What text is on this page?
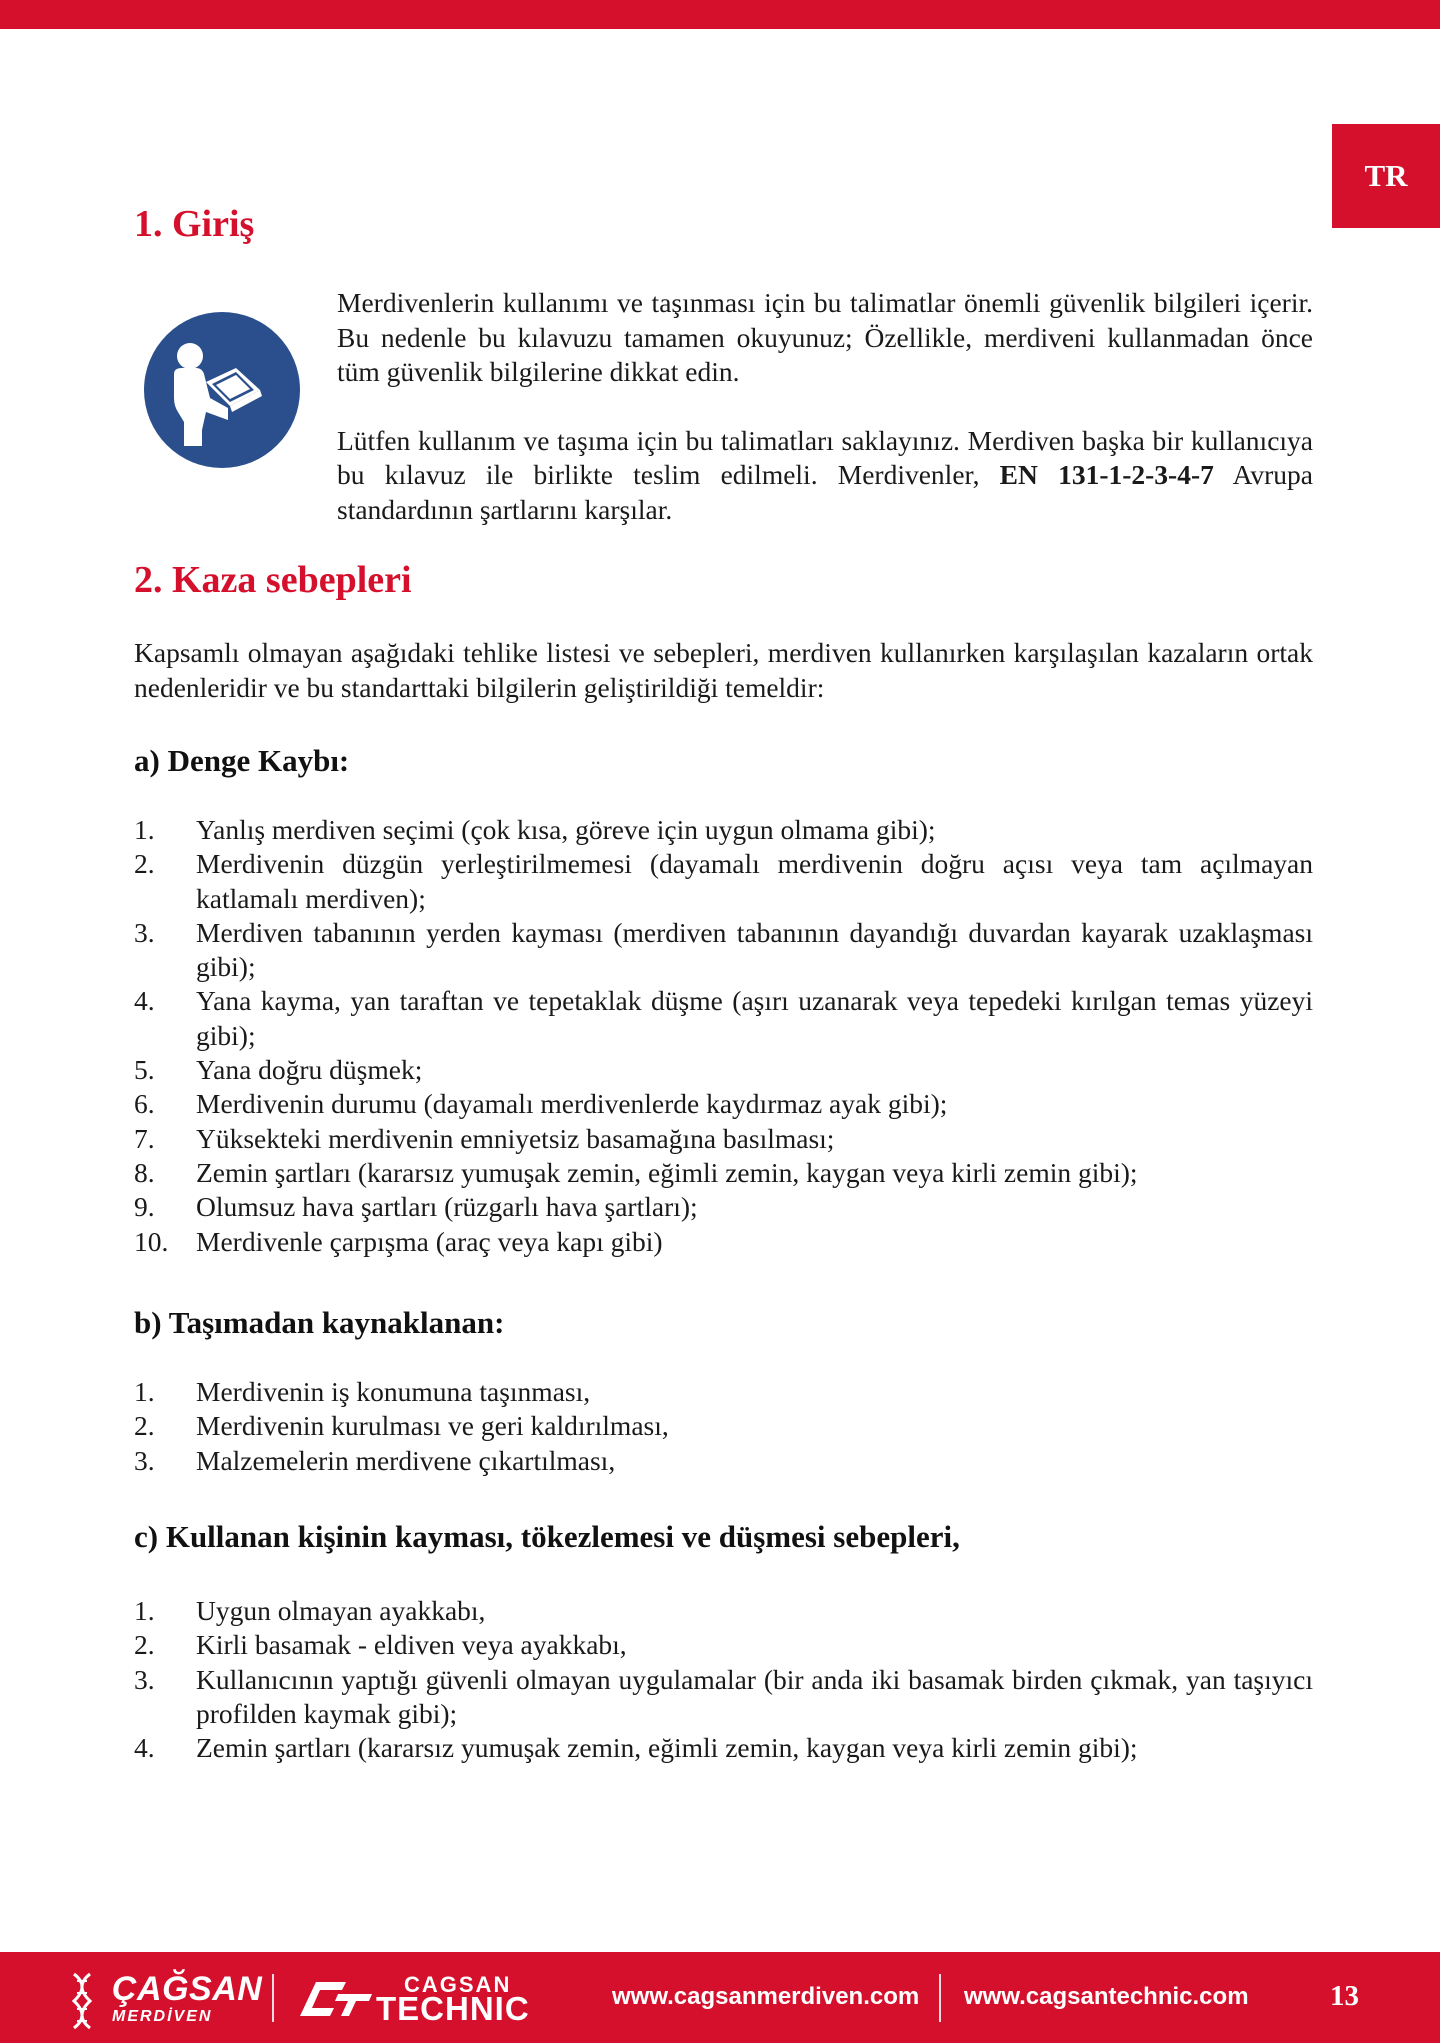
TR
1. Giriş

Merdivenlerin kullanımı ve taşınması için bu talimatlar önemli güvenlik bilgileri içerir. Bu nedenle bu kılavuzu tamamen okuyunuz; Özellikle, merdiveni kullanmadan önce tüm güvenlik bilgilerine dikkat edin.

Lütfen kullanım ve taşıma için bu talimatları saklayınız. Merdiven başka bir kullanıcıya bu kılavuz ile birlikte teslim edilmeli. Merdivenler, EN 131-1-2-3-4-7 Avrupa standardının şartlarını karşılar.

2. Kaza sebepleri

Kapsamlı olmayan aşağıdaki tehlike listesi ve sebepleri, merdiven kullanırken karşılaşılan kazaların ortak nedenleridir ve bu standarttaki bilgilerin geliştirildiği temeldir:

a) Denge Kaybı:
1. Yanlış merdiven seçimi (çok kısa, göreve için uygun olmama gibi);
2. Merdivenin düzgün yerleştirilmemesi (dayamalı merdivenin doğru açısı veya tam açılmayan katlamalı merdiven);
3. Merdiven tabanının yerden kayması (merdiven tabanının dayandığı duvardan kayarak uzaklaşması gibi);
4. Yana kayma, yan taraftan ve tepetaklak düşme (aşırı uzanarak veya tepedeki kırılgan temas yüzeyi gibi);
5. Yana doğru düşmek;
6. Merdivenin durumu (dayamalı merdivenlerde kaydırmaz ayak gibi);
7. Yüksekteki merdivenin emniyetsiz basamağına basılması;
8. Zemin şartları (kararsız yumuşak zemin, eğimli zemin, kaygan veya kirli zemin gibi);
9. Olumsuz hava şartları (rüzgarlı hava şartları);
10. Merdivenle çarpışma (araç veya kapı gibi)
b) Taşımadan kaynaklanan:
1. Merdivenin iş konumuna taşınması,
2. Merdivenin kurulması ve geri kaldırılması,
3. Malzemelerin merdivene çıkartılması,
c) Kullanan kişinin kayması, tökezlemesi ve düşmesi sebepleri,
1. Uygun olmayan ayakkabı,
2. Kirli basamak - eldiven veya ayakkabı,
3. Kullanıcının yaptığı güvenli olmayan uygulamalar (bir anda iki basamak birden çıkmak, yan taşıyıcı profilden kaymak gibi);
4. Zemin şartları (kararsız yumuşak zemin, eğimli zemin, kaygan veya kirli zemin gibi);
ÇAĞSAN
MERDİVEN
CAGSAN
TECHNIC	www.cagsanmerdiven.com www.cagsantechnic.com	13
